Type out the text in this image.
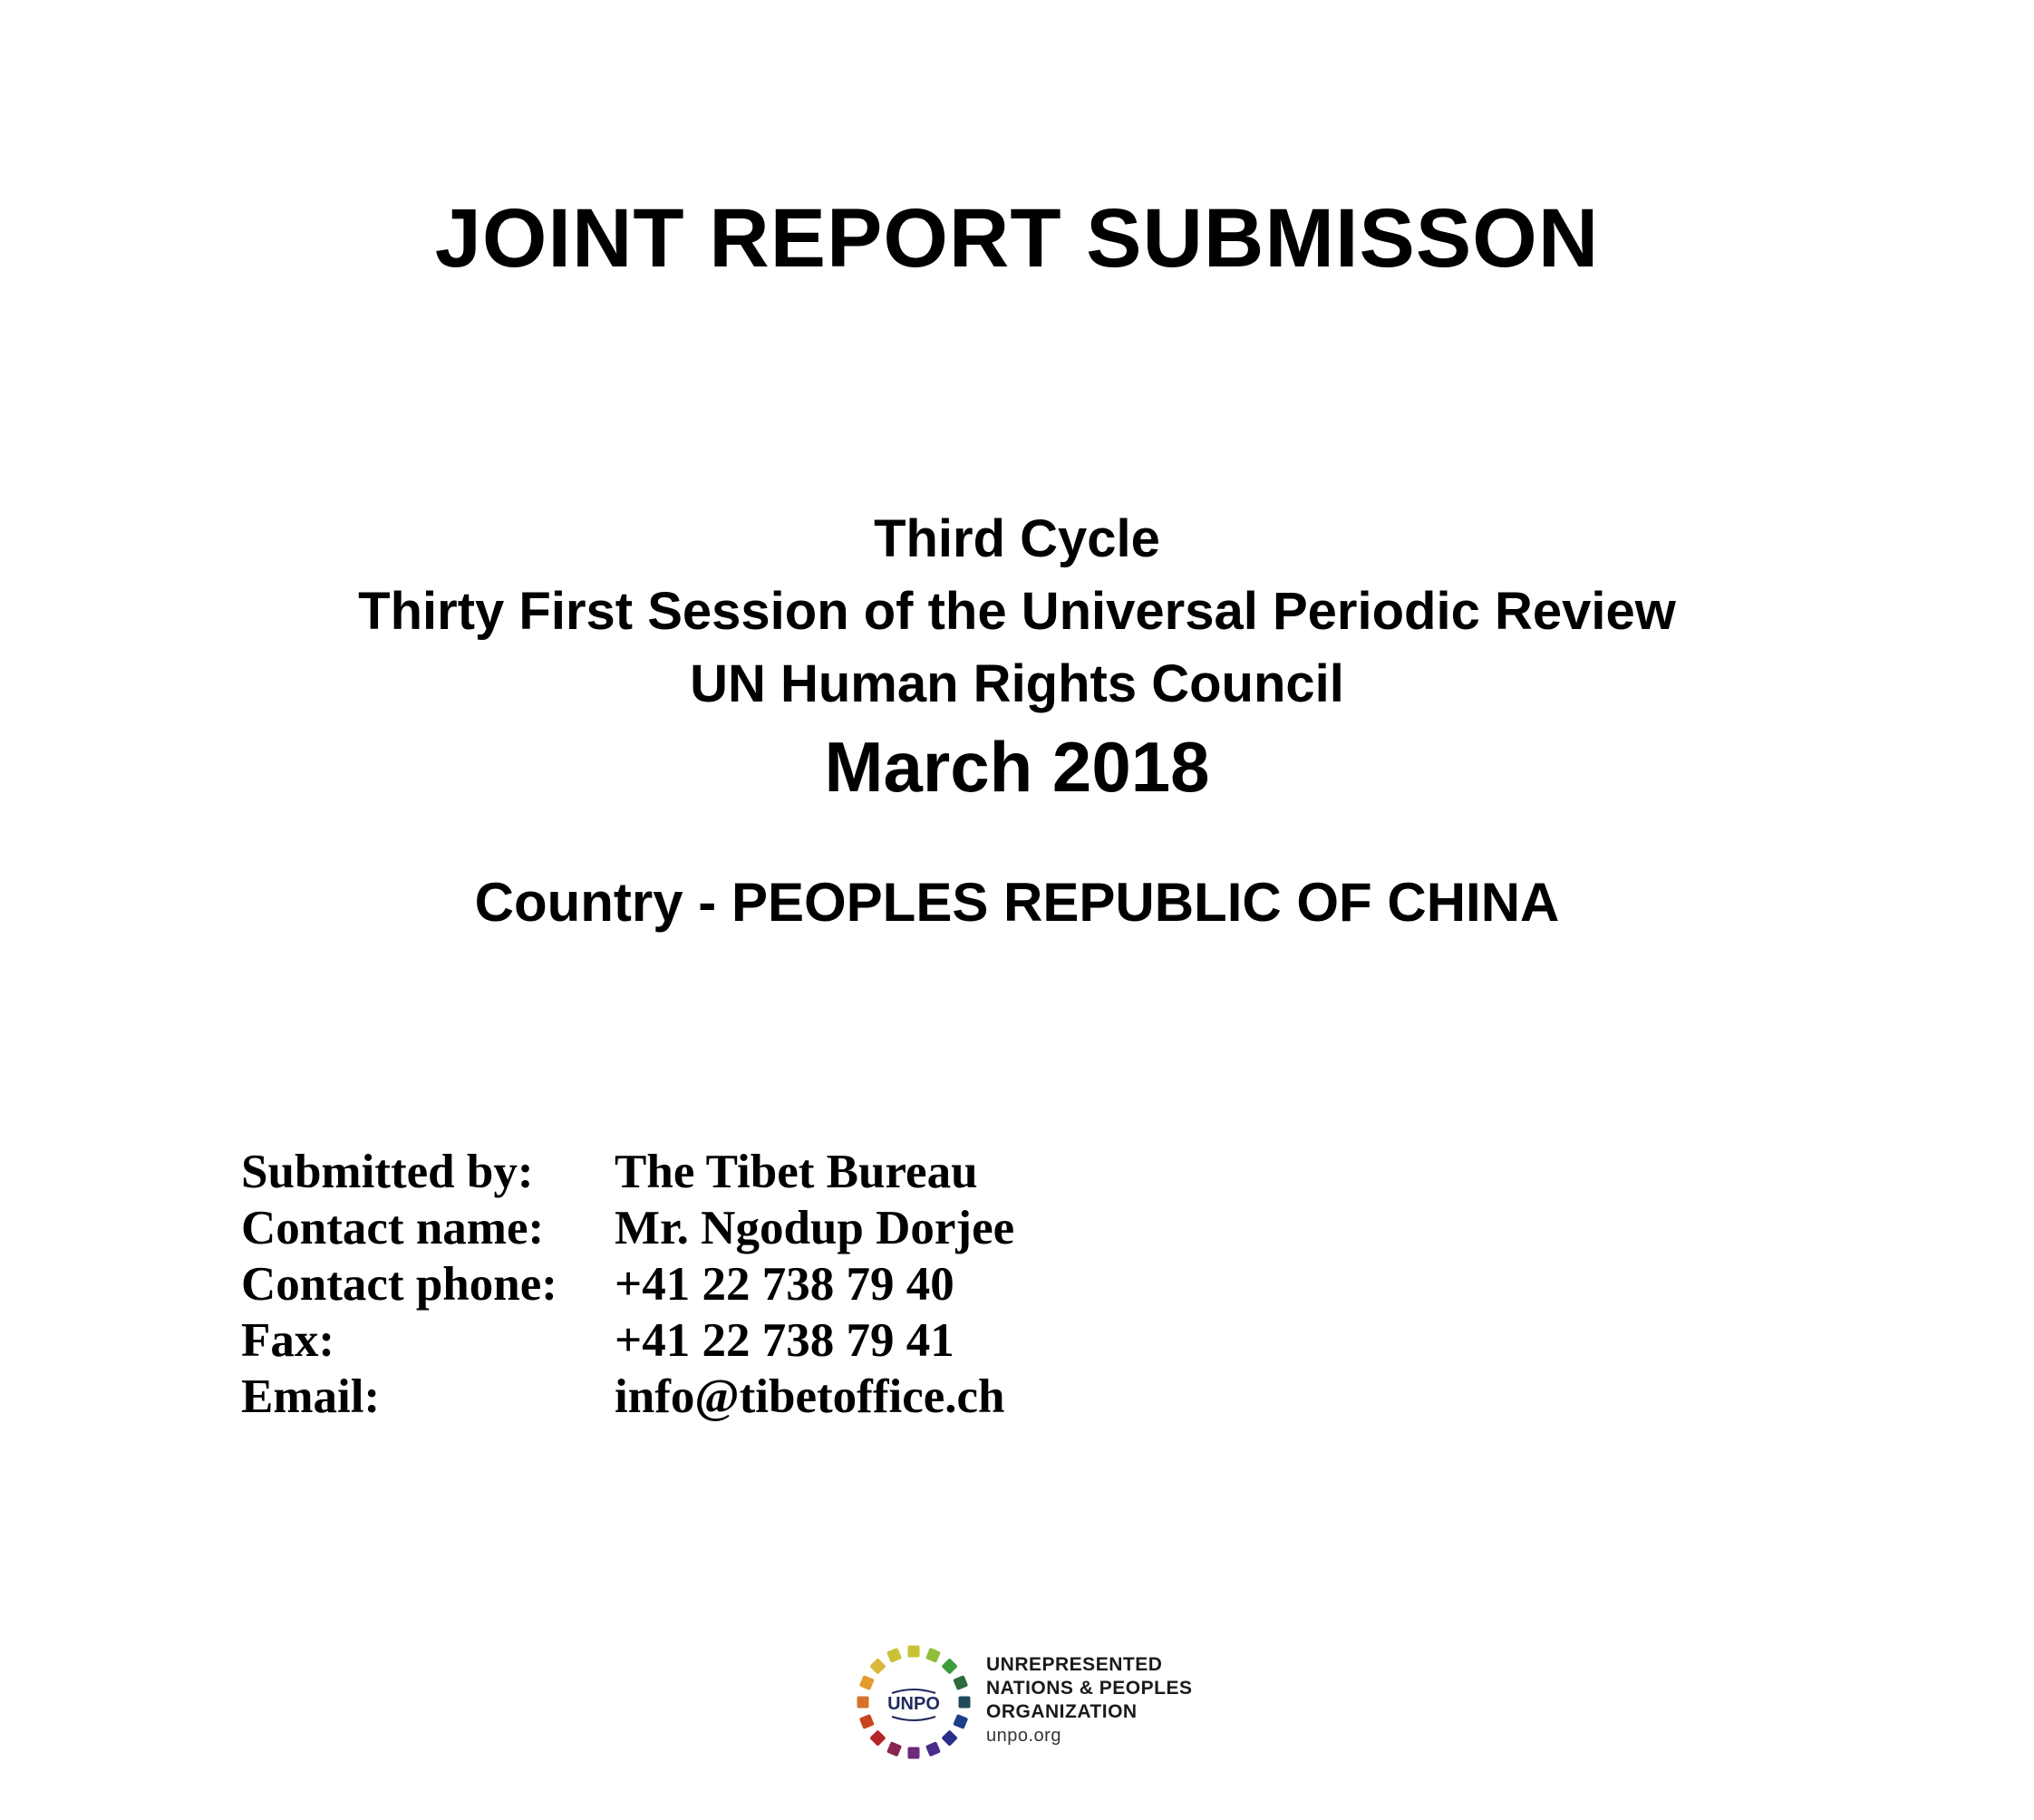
JOINT REPORT SUBMISSON
Third Cycle
Thirty First Session of the Universal Periodic Review
UN Human Rights Council
March 2018
Country - PEOPLES REPUBLIC OF CHINA
Submitted by:	The Tibet Bureau
Contact name:	Mr. Ngodup Dorjee
Contact phone:	+41 22 738 79 40
Fax:	+41 22 738 79 41
Email:	info@tibetoffice.ch
UNPO
UNREPRESENTED
NATIONS & PEOPLES
ORGANIZATION
unpo.org
